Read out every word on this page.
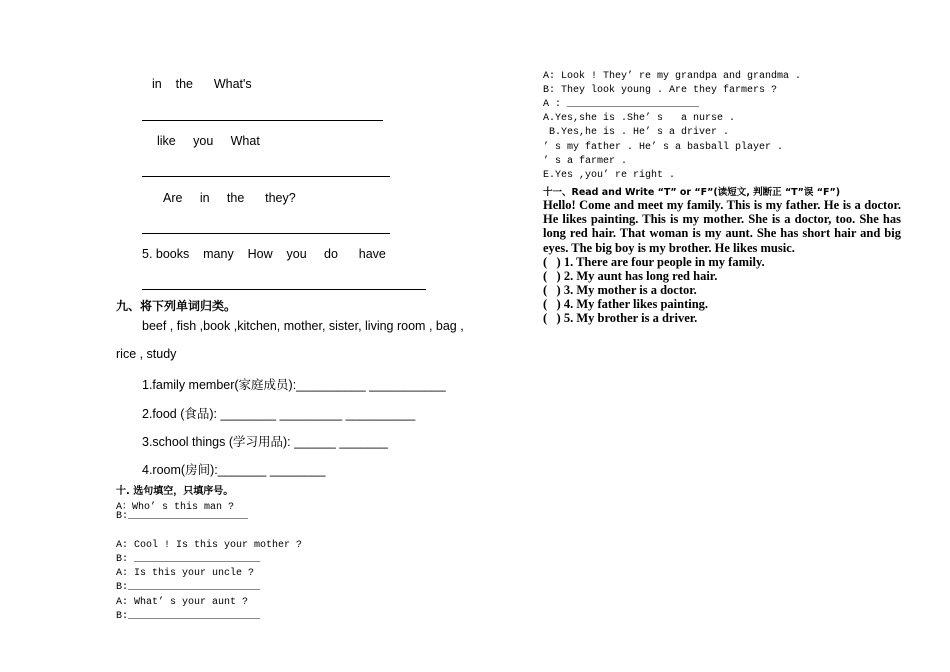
in    the      What's
like     you     What
Are     in     the      they?
5. books    many    How    you     do      have
九、将下列单词归类。
beef , fish ,book ,kitchen, mother, sister, living room , bag ,
rice , study
1.family member(家庭成员):__________ ___________
2.food (食品): ________ _________ __________
3.school things (学习用品): ______ _______
4.room(房间):_______ ________
十. 选句填空，只填序号。
A：Who’ s this man ?
B:____________________
A: Cool ! Is this your mother ?
B: _____________________
A: Is this your uncle ?
B:______________________
A: What’ s your aunt ?
B:______________________
A: Look ! They’ re my grandpa and grandma .
B: They look young . Are they farmers ?
A : ______________________
A.Yes,she is .She’ s   a nurse .
B.Yes,he is . He’ s a driver .
’ s my father . He’ s a basball player .
’ s a farmer .
E.Yes ,you’ re right .
十一、Read and Write “T” or “F”(读短文, 判断正 “T”误 “F”)
Hello! Come and meet my family. This is my father. He is a doctor. He likes painting. This is my mother. She is a doctor, too. She has long red hair. That woman is my aunt. She has short hair and big eyes. The big boy is my brother. He likes music.
(   ) 1. There are four people in my family.
(   ) 2. My aunt has long red hair.
(   ) 3. My mother is a doctor.
(   ) 4. My father likes painting.
(   ) 5. My brother is a driver.
